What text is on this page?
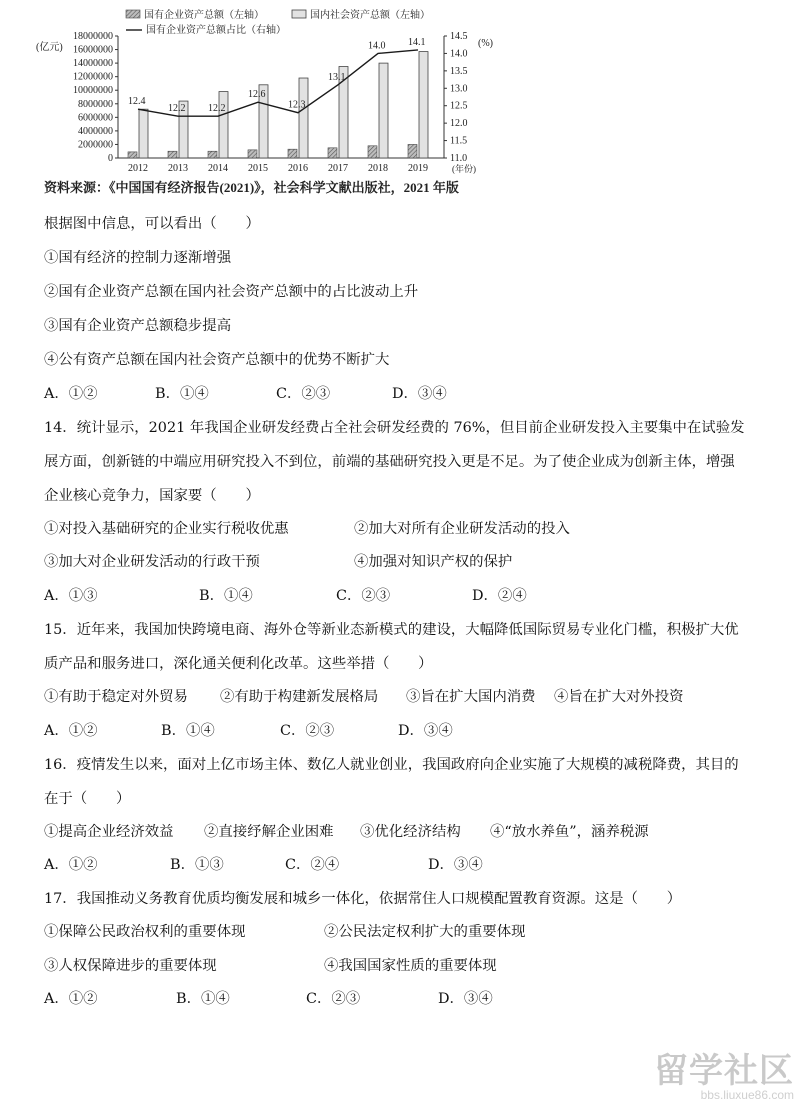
国有企业资产总额（左轴）	国内社会资产总额（左轴）
国有企业资产总额占比（右轴）
(亿元)
0
2000000
4000000
6000000
8000000
10000000
12000000
14000000
16000000
18000000
(%)
11.0
11.5
12.0
12.5
13.0
13.5
14.0
14.5
2012 2013 2014 2015 2016 2017 2018 2019	(年份)
12.4
12.2 12.2
12.6
12.3
13.1
14.0 14.1
资料来源：《中国国有经济报告(2021)》，社会科学文献出版社，2021 年版

根据图中信息，可以看出（　　）

①国有经济的控制力逐渐增强

②国有企业资产总额在国内社会资产总额中的占比波动上升

③国有企业资产总额稳步提高

④公有资产总额在国内社会资产总额中的优势不断扩大

A．①②	B．①④	C．②③	D．③④

14．统计显示，2021 年我国企业研发经费占全社会研发经费的 76%，但目前企业研发投入主要集中在试验发

展方面，创新链的中端应用研究投入不到位，前端的基础研究投入更是不足。为了使企业成为创新主体，增强

企业核心竞争力，国家要（　　）

①对投入基础研究的企业实行税收优惠	②加大对所有企业研发活动的投入

③加大对企业研发活动的行政干预	④加强对知识产权的保护

A．①③	B．①④	C．②③	D．②④

15．近年来，我国加快跨境电商、海外仓等新业态新模式的建设，大幅降低国际贸易专业化门槛，积极扩大优

质产品和服务进口，深化通关便利化改革。这些举措（　　）

①有助于稳定对外贸易 ②有助于构建新发展格局 ③旨在扩大国内消费 ④旨在扩大对外投资

A．①②	B．①④	C．②③	D．③④

16．疫情发生以来，面对上亿市场主体、数亿人就业创业，我国政府向企业实施了大规模的减税降费，其目的

在于（　　）

①提高企业经济效益 ②直接纾解企业困难 ③优化经济结构 ④“放水养鱼”，涵养税源

A．①②	B．①③	C．②④	D．③④

17．我国推动义务教育优质均衡发展和城乡一体化，依据常住人口规模配置教育资源。这是（　　）

①保障公民政治权利的重要体现	②公民法定权利扩大的重要体现

③人权保障进步的重要体现	④我国国家性质的重要体现

A．①②	B．①④	C．②③	D．③④

留学社区
bbs.liuxue86.com
